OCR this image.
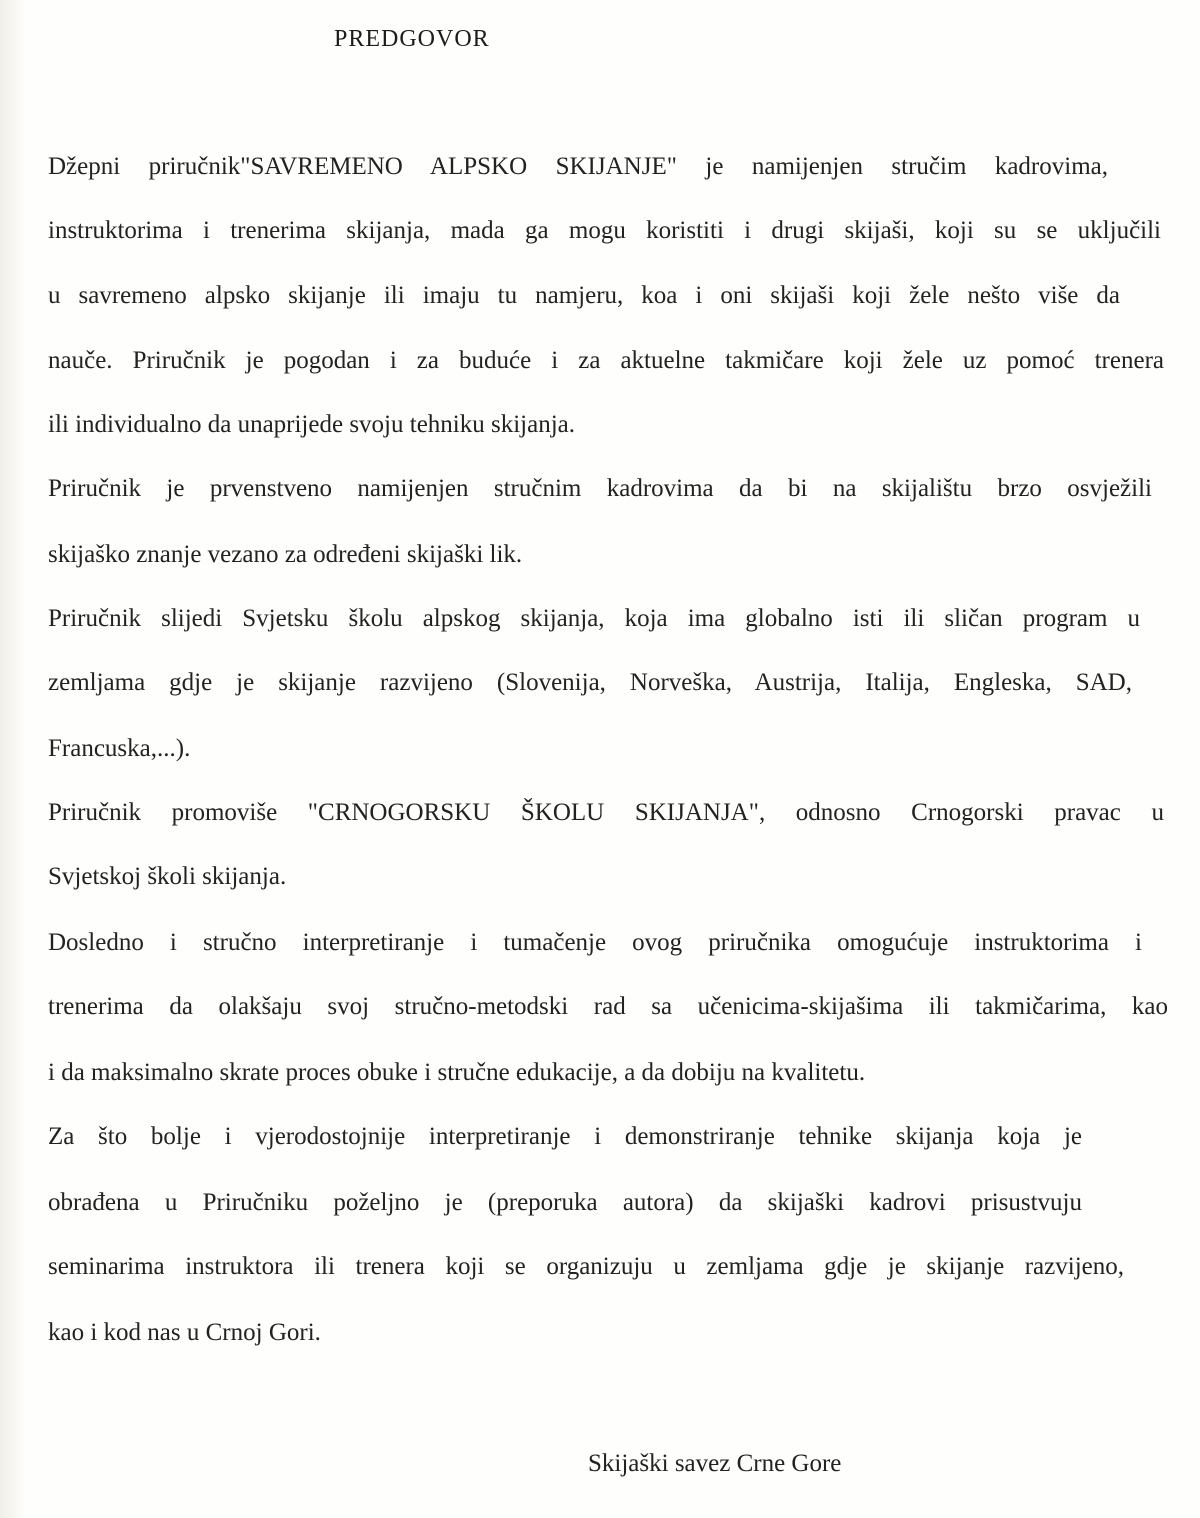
PREDGOVOR
Džepni priručnik"SAVREMENO ALPSKO SKIJANJE" je namijenjen stručim kadrovima,
instruktorima i trenerima skijanja, mada ga mogu koristiti i drugi skijaši, koji su se uključili
u savremeno alpsko skijanje ili imaju tu namjeru, koa i oni skijaši koji žele nešto više da
nauče. Priručnik je pogodan i za buduće i za aktuelne takmičare koji žele uz pomoć trenera
ili individualno da unaprijede svoju tehniku skijanja.
Priručnik je prvenstveno namijenjen stručnim kadrovima da bi na skijalištu brzo osvježili
skijaško znanje vezano za određeni skijaški lik.
Priručnik slijedi Svjetsku školu alpskog skijanja, koja ima globalno isti ili sličan program u
zemljama gdje je skijanje razvijeno (Slovenija, Norveška, Austrija, Italija, Engleska, SAD,
Francuska,...).
Priručnik promoviše "CRNOGORSKU ŠKOLU SKIJANJA", odnosno Crnogorski pravac u
Svjetskoj školi skijanja.
Dosledno i stručno interpretiranje i tumačenje ovog priručnika omogućuje instruktorima i
trenerima da olakšaju svoj stručno-metodski rad sa učenicima-skijašima ili takmičarima, kao
i da maksimalno skrate proces obuke i stručne edukacije, a da dobiju na kvalitetu.
Za što bolje i vjerodostojnije interpretiranje i demonstriranje tehnike skijanja koja je
obrađena u Priručniku poželjno je (preporuka autora) da skijaški kadrovi prisustvuju
seminarima instruktora ili trenera koji se organizuju u zemljama gdje je skijanje razvijeno,
kao i kod nas u Crnoj Gori.
Skijaški savez Crne Gore
